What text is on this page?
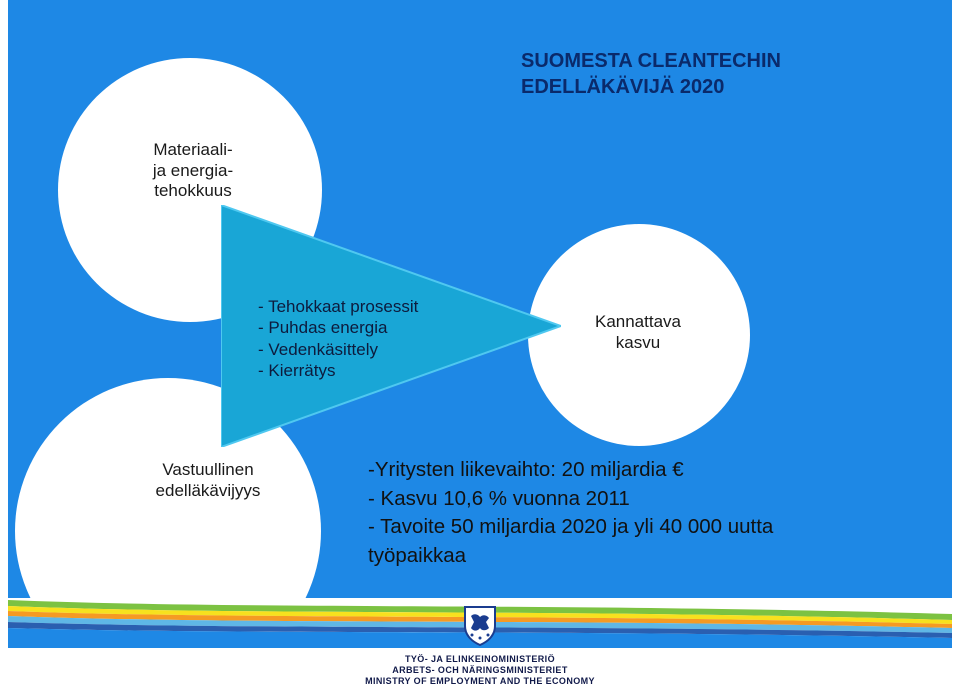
Materiaali-
ja energia-
tehokkuus
Kannattava
kasvu
Vastuullinen
edelläkävijyys
SUOMESTA CLEANTECHIN
EDELLÄKÄVIJÄ 2020
- Tehokkaat prosessit
- Puhdas energia
- Vedenkäsittely
- Kierrätys
-Yritysten liikevaihto: 20 miljardia €
- Kasvu 10,6 % vuonna 2011
- Tavoite 50 miljardia 2020 ja yli 40 000 uutta
työpaikkaa
TYÖ- JA ELINKEINOMINISTERIÖ
ARBETS- OCH NÄRINGSMINISTERIET
MINISTRY OF EMPLOYMENT AND THE ECONOMY
